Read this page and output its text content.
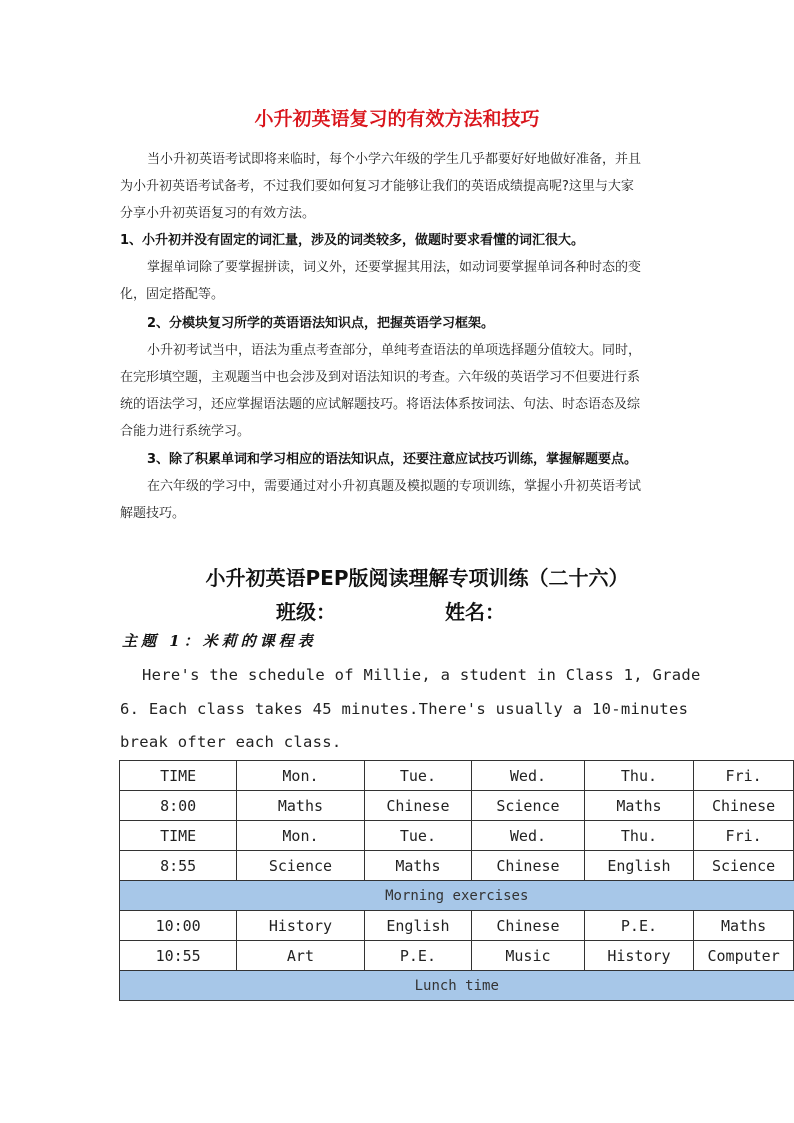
小升初英语复习的有效方法和技巧
当小升初英语考试即将来临时，每个小学六年级的学生几乎都要好好地做好准备，并且
为小升初英语考试备考，不过我们要如何复习才能够让我们的英语成绩提高呢?这里与大家
分享小升初英语复习的有效方法。
1、小升初并没有固定的词汇量，涉及的词类较多，做题时要求看懂的词汇很大。
掌握单词除了要掌握拼读，词义外，还要掌握其用法，如动词要掌握单词各种时态的变
化，固定搭配等。
2、分模块复习所学的英语语法知识点，把握英语学习框架。
小升初考试当中，语法为重点考查部分，单纯考查语法的单项选择题分值较大。同时，
在完形填空题，主观题当中也会涉及到对语法知识的考查。六年级的英语学习不但要进行系
统的语法学习，还应掌握语法题的应试解题技巧。将语法体系按词法、句法、时态语态及综
合能力进行系统学习。
3、除了积累单词和学习相应的语法知识点，还要注意应试技巧训练，掌握解题要点。
在六年级的学习中，需要通过对小升初真题及模拟题的专项训练，掌握小升初英语考试
解题技巧。
小升初英语PEP版阅读理解专项训练（二十六）
班级：	姓名：
主题 1：米莉的课程表
Here's the schedule of Millie, a student in Class 1, Grade
6. Each class takes 45 minutes.There's usually a 10-minutes
break ofter each class.
TIME	Mon.	Tue.	Wed.	Thu.	Fri.
8:00	Maths	Chinese	Science	Maths	Chinese
TIME	Mon.	Tue.	Wed.	Thu.	Fri.
8:55	Science	Maths	Chinese	English	Science
Morning exercises					
10:00	History	English	Chinese	P.E.	Maths
10:55	Art	P.E.	Music	History	Computer
Lunch time					
